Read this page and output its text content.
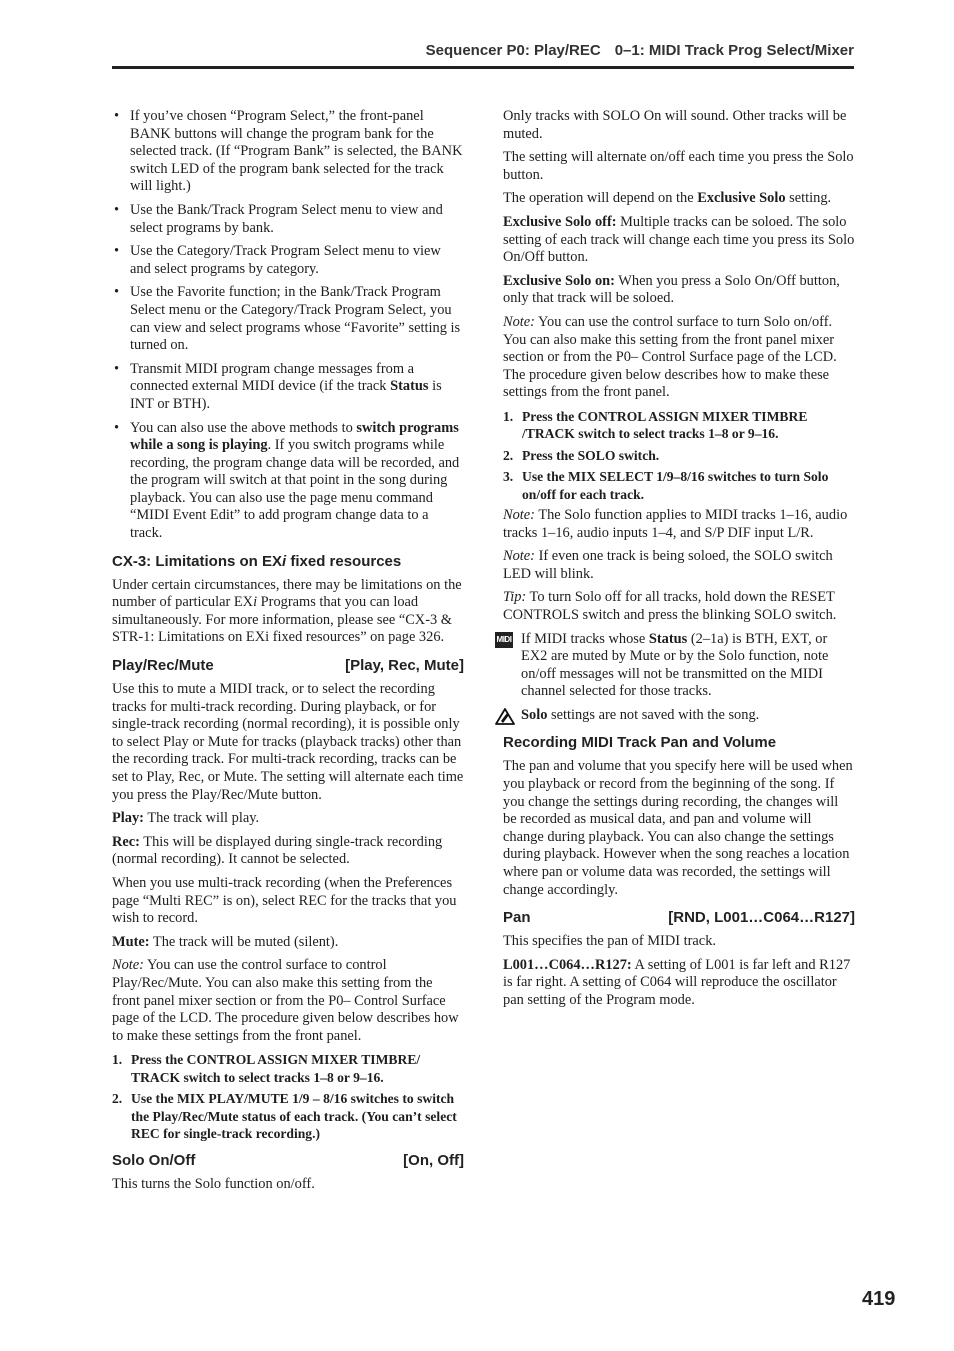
Sequencer P0: Play/REC 0–1: MIDI Track Prog Select/Mixer
• If you’ve chosen “Program Select,” the front-panel BANK buttons will change the program bank for the selected track. (If “Program Bank” is selected, the BANK switch LED of the program bank selected for the track will light.)
• Use the Bank/Track Program Select menu to view and select programs by bank.
• Use the Category/Track Program Select menu to view and select programs by category.
• Use the Favorite function; in the Bank/Track Program Select menu or the Category/Track Program Select, you can view and select programs whose “Favorite” setting is turned on.
• Transmit MIDI program change messages from a connected external MIDI device (if the track Status is INT or BTH).
• You can also use the above methods to switch programs while a song is playing. If you switch programs while recording, the program change data will be recorded, and the program will switch at that point in the song during playback. You can also use the page menu command “MIDI Event Edit” to add program change data to a track.
CX-3: Limitations on EXi fixed resources

Under certain circumstances, there may be limitations on the number of particular EXi Programs that you can load simultaneously. For more information, please see “CX-3 & STR-1: Limitations on EXi fixed resources” on page 326.

Play/Rec/Mute	[Play, Rec, Mute]

Use this to mute a MIDI track, or to select the recording tracks for multi-track recording. During playback, or for single-track recording (normal recording), it is possible only to select Play or Mute for tracks (playback tracks) other than the recording track. For multi-track recording, tracks can be set to Play, Rec, or Mute. The setting will alternate each time you press the Play/Rec/Mute button.

Play: The track will play.

Rec: This will be displayed during single-track recording (normal recording). It cannot be selected.

When you use multi-track recording (when the Preferences page “Multi REC” is on), select REC for the tracks that you wish to record.

Mute: The track will be muted (silent).

Note: You can use the control surface to control Play/Rec/Mute. You can also make this setting from the front panel mixer section or from the P0– Control Surface page of the LCD. The procedure given below describes how to make these settings from the front panel.

1. Press the CONTROL ASSIGN MIXER TIMBRE/ TRACK switch to select tracks 1–8 or 9–16.
2. Use the MIX PLAY/MUTE 1/9 – 8/16 switches to switch the Play/Rec/Mute status of each track. (You can’t select REC for single-track recording.)
Solo On/Off	[On, Off]

This turns the Solo function on/off.

Only tracks with SOLO On will sound. Other tracks will be muted.

The setting will alternate on/off each time you press the Solo button.

The operation will depend on the Exclusive Solo setting.

Exclusive Solo off: Multiple tracks can be soloed. The solo setting of each track will change each time you press its Solo On/Off button.

Exclusive Solo on: When you press a Solo On/Off button, only that track will be soloed.

Note: You can use the control surface to turn Solo on/off. You can also make this setting from the front panel mixer section or from the P0– Control Surface page of the LCD. The procedure given below describes how to make these settings from the front panel.

1. Press the CONTROL ASSIGN MIXER TIMBRE /TRACK switch to select tracks 1–8 or 9–16.
2. Press the SOLO switch.
3. Use the MIX SELECT 1/9–8/16 switches to turn Solo on/off for each track.

Note: The Solo function applies to MIDI tracks 1–16, audio tracks 1–16, audio inputs 1–4, and S/P DIF input L/R.

Note: If even one track is being soloed, the SOLO switch LED will blink.

Tip: To turn Solo off for all tracks, hold down the RESET CONTROLS switch and press the blinking SOLO switch.

MIDI If MIDI tracks whose Status (2–1a) is BTH, EXT, or EX2 are muted by Mute or by the Solo function, note on/off messages will not be transmitted on the MIDI channel selected for those tracks.
Solo settings are not saved with the song.
Recording MIDI Track Pan and Volume

The pan and volume that you specify here will be used when you playback or record from the beginning of the song. If you change the settings during recording, the changes will be recorded as musical data, and pan and volume will change during playback. You can also change the settings during playback. However when the song reaches a location where pan or volume data was recorded, the settings will change accordingly.

Pan	[RND, L001…C064…R127]

This specifies the pan of MIDI track.

L001…C064…R127: A setting of L001 is far left and R127 is far right. A setting of C064 will reproduce the oscillator pan setting of the Program mode.

419
